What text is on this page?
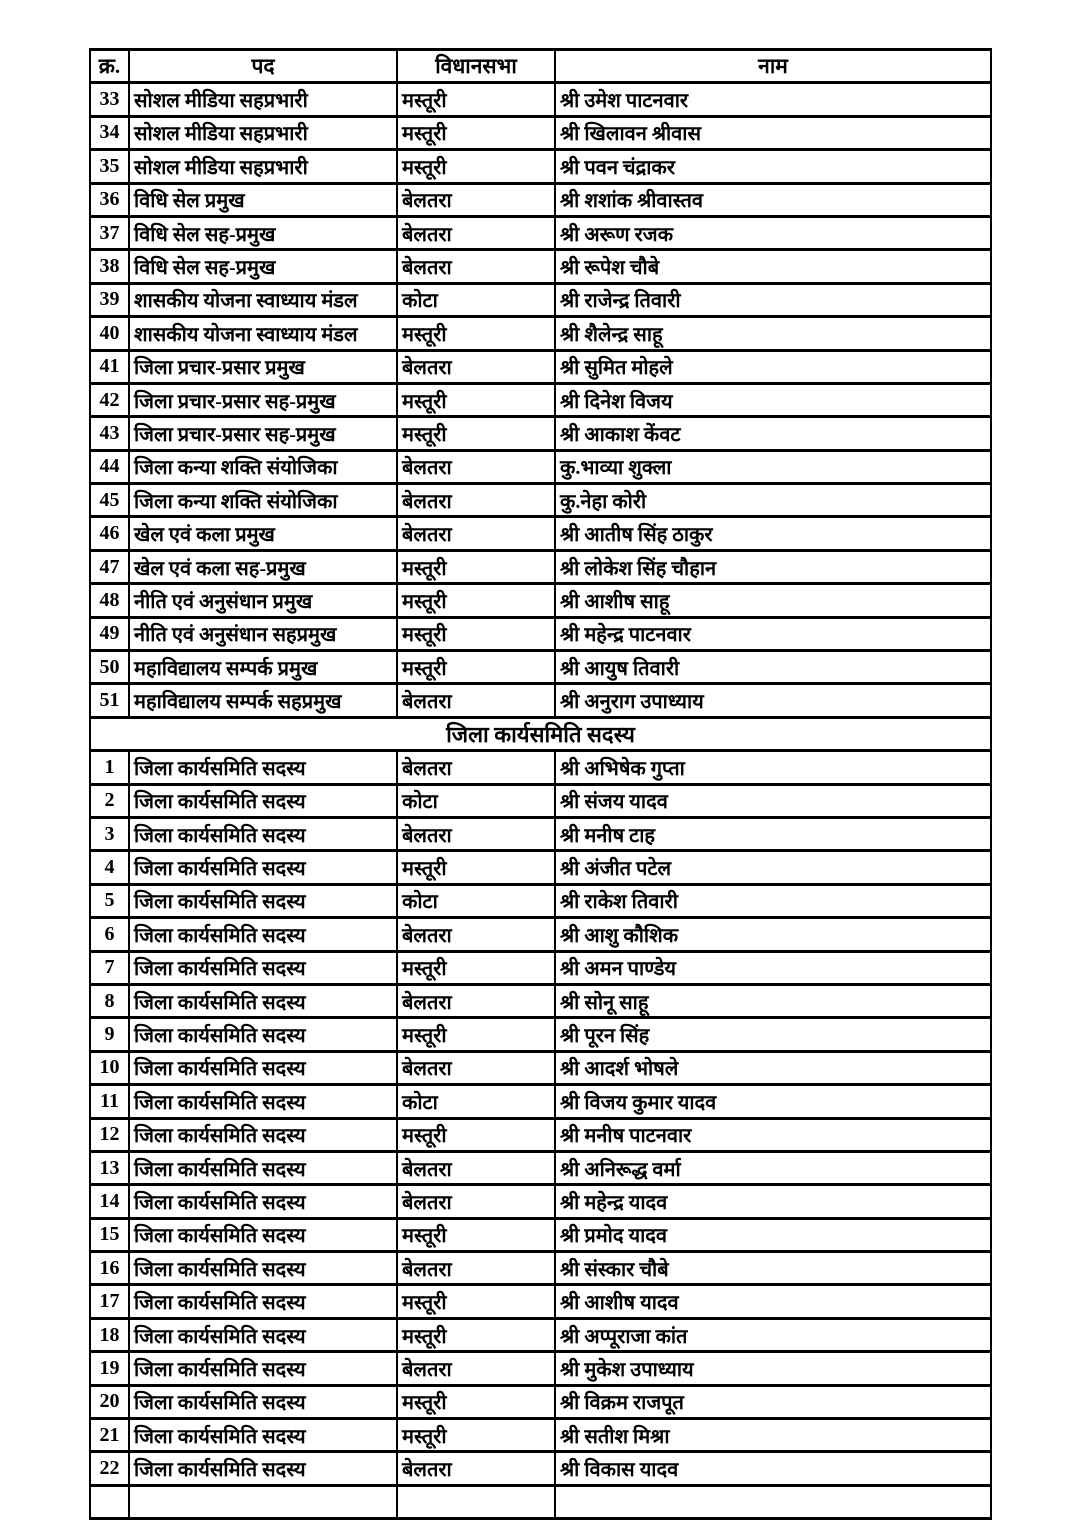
क्र.	पद	विधानसभा	नाम
33	सोशल मीडिया सहप्रभारी	मस्तूरी	श्री उमेश पाटनवार
34	सोशल मीडिया सहप्रभारी	मस्तूरी	श्री खिलावन श्रीवास
35	सोशल मीडिया सहप्रभारी	मस्तूरी	श्री पवन चंद्राकर
36	विधि सेल प्रमुख	बेलतरा	श्री शशांक श्रीवास्तव
37	विधि सेल सह-प्रमुख	बेलतरा	श्री अरूण रजक
38	विधि सेल सह-प्रमुख	बेलतरा	श्री रूपेश चौबे
39	शासकीय योजना स्वाध्याय मंडल	कोटा	श्री राजेन्द्र तिवारी
40	शासकीय योजना स्वाध्याय मंडल	मस्तूरी	श्री शैलेन्द्र साहू
41	जिला प्रचार-प्रसार प्रमुख	बेलतरा	श्री सुमित मोहले
42	जिला प्रचार-प्रसार सह-प्रमुख	मस्तूरी	श्री दिनेश विजय
43	जिला प्रचार-प्रसार सह-प्रमुख	मस्तूरी	श्री आकाश केंवट
44	जिला कन्या शक्ति संयोजिका	बेलतरा	कु.भाव्या शुक्ला
45	जिला कन्या शक्ति संयोजिका	बेलतरा	कु.नेहा कोरी
46	खेल एवं कला प्रमुख	बेलतरा	श्री आतीष सिंह ठाकुर
47	खेल एवं कला सह-प्रमुख	मस्तूरी	श्री लोकेश सिंह चौहान
48	नीति एवं अनुसंधान प्रमुख	मस्तूरी	श्री आशीष साहू
49	नीति एवं अनुसंधान सहप्रमुख	मस्तूरी	श्री महेन्द्र पाटनवार
50	महाविद्यालय सम्पर्क प्रमुख	मस्तूरी	श्री आयुष तिवारी
51	महाविद्यालय सम्पर्क सहप्रमुख	बेलतरा	श्री अनुराग उपाध्याय
जिला कार्यसमिति सदस्य			
1	जिला कार्यसमिति सदस्य	बेलतरा	श्री अभिषेक गुप्ता
2	जिला कार्यसमिति सदस्य	कोटा	श्री संजय यादव
3	जिला कार्यसमिति सदस्य	बेलतरा	श्री मनीष टाह
4	जिला कार्यसमिति सदस्य	मस्तूरी	श्री अंजीत पटेल
5	जिला कार्यसमिति सदस्य	कोटा	श्री राकेश तिवारी
6	जिला कार्यसमिति सदस्य	बेलतरा	श्री आशु कौशिक
7	जिला कार्यसमिति सदस्य	मस्तूरी	श्री अमन पाण्डेय
8	जिला कार्यसमिति सदस्य	बेलतरा	श्री सोनू साहू
9	जिला कार्यसमिति सदस्य	मस्तूरी	श्री पूरन सिंह
10	जिला कार्यसमिति सदस्य	बेलतरा	श्री आदर्श भोषले
11	जिला कार्यसमिति सदस्य	कोटा	श्री विजय कुमार यादव
12	जिला कार्यसमिति सदस्य	मस्तूरी	श्री मनीष पाटनवार
13	जिला कार्यसमिति सदस्य	बेलतरा	श्री अनिरूद्ध वर्मा
14	जिला कार्यसमिति सदस्य	बेलतरा	श्री महेन्द्र यादव
15	जिला कार्यसमिति सदस्य	मस्तूरी	श्री प्रमोद यादव
16	जिला कार्यसमिति सदस्य	बेलतरा	श्री संस्कार चौबे
17	जिला कार्यसमिति सदस्य	मस्तूरी	श्री आशीष यादव
18	जिला कार्यसमिति सदस्य	मस्तूरी	श्री अप्पूराजा कांत
19	जिला कार्यसमिति सदस्य	बेलतरा	श्री मुकेश उपाध्याय
20	जिला कार्यसमिति सदस्य	मस्तूरी	श्री विक्रम राजपूत
21	जिला कार्यसमिति सदस्य	मस्तूरी	श्री सतीश मिश्रा
22	जिला कार्यसमिति सदस्य	बेलतरा	श्री विकास यादव
